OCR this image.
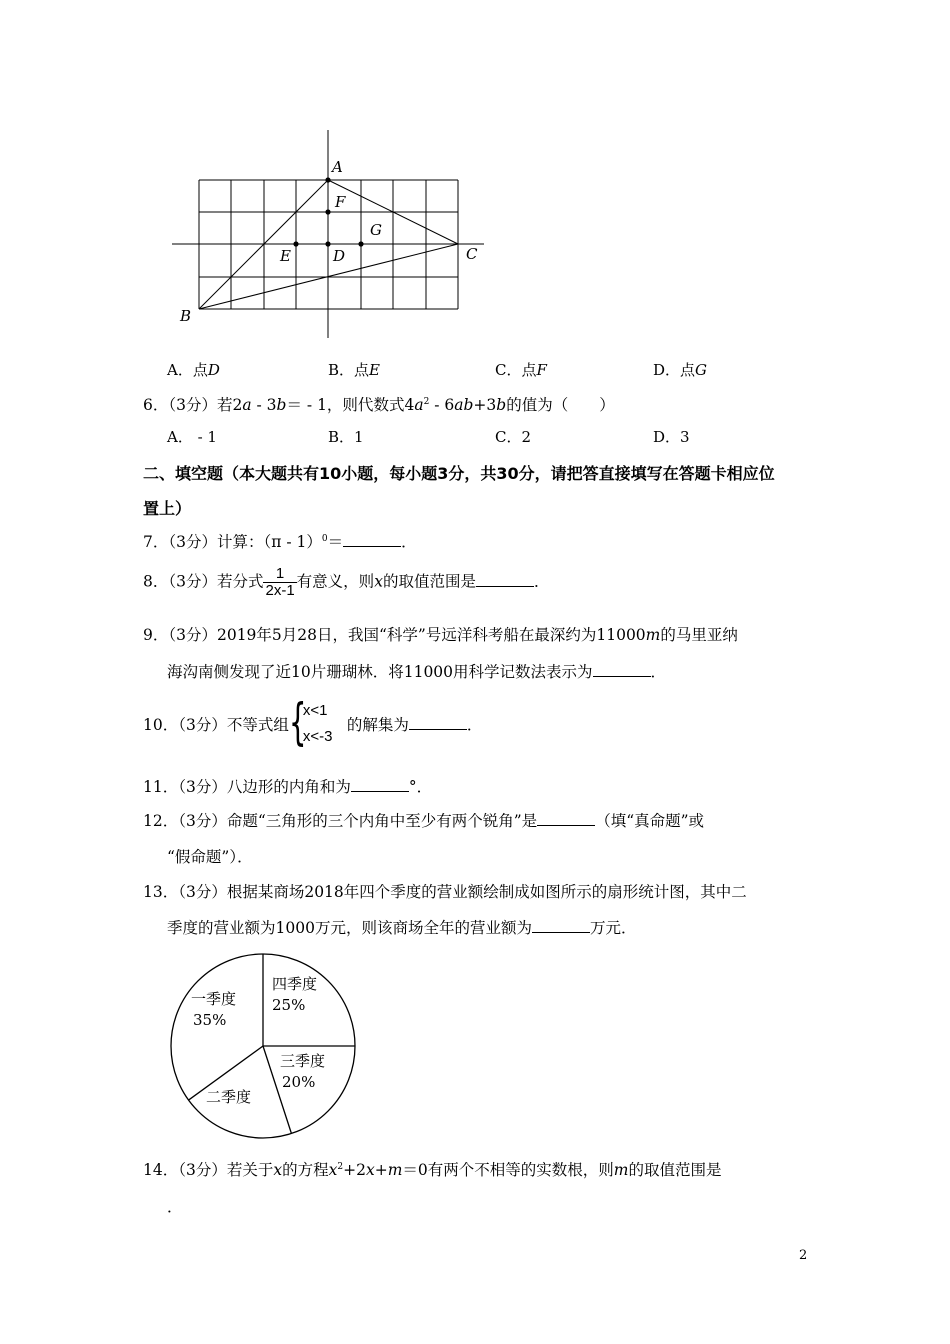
A
F
G
E	D	C
B
A．点D	B．点E	C．点F	D．点G
6．（3分）若2a - 3b＝ - 1，则代数式$4a^2 - 6ab+3b$的值为（　　）
A． - 1	B．1	C．2	D．3
二、填空题（本大题共有10小题，每小题3分，共30分，请把答直接填写在答题卡相应位
置上）
7．（3分）计算：（π - 1）$^0$＝	．
8．（3分）若分式 $\frac{1}{2x-1}$ 有意义，则x的取值范围是	．
9．（3分）2019年5月28日，我国“科学”号远洋科考船在最深约为11000m的马里亚纳
海沟南侧发现了近10片珊瑚林．将11000用科学记数法表示为	．
10．（3分）不等式组 {
x<1
x<-3
的解集为	．
11．（3分）八边形的内角和为	°．
12．（3分）命题“三角形的三个内角中至少有两个锐角”是	（填“真命题”或
“假命题”）．
13．（3分）根据某商场2018年四个季度的营业额绘制成如图所示的扇形统计图，其中二
季度的营业额为1000万元，则该商场全年的营业额为	万元．
一季度
35%
四季度
25%
三季度
20%
二季度
14．（3分）若关于x的方程$x^2+2x+m=0$有两个不相等的实数根，则m的取值范围是
．
2
